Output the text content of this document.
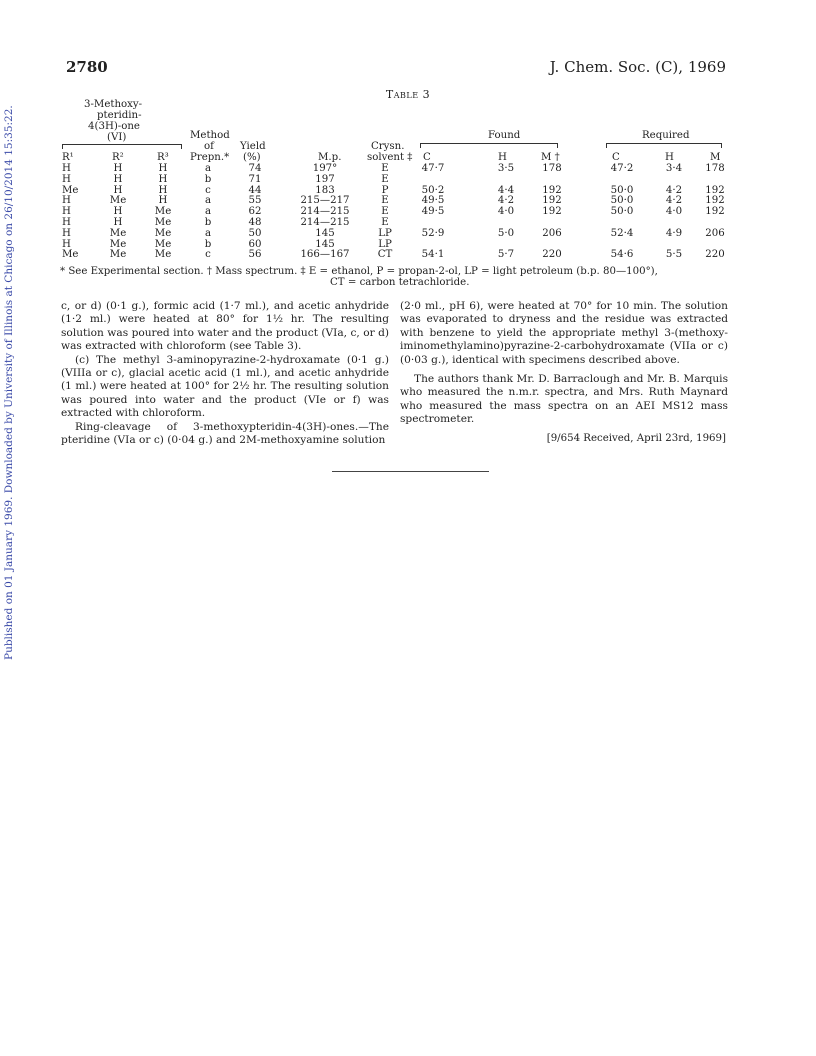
Published on 01 January 1969. Downloaded by University of Illinois at Chicago on 26/10/2014 15:35:22.
2780	J. Chem. Soc. (C), 1969
Table 3
3-Methoxy-
pteridin-
4(3H)-one
(VI)	Method
of
Prepn.*
Yield
(%)	M.p.
Crysn.
solvent ‡
Found	Required
R¹	R²	R³	C	H	M †	C	H	M
H	H	H	a	74	197°	E	47·7	3·5	178	47·2	3·4	178
H	H	H	b	71	197	E
Me	H	H	c	44	183	P	50·2	4·4	192	50·0	4·2	192
H	Me	H	a	55	215—217	E	49·5	4·2	192	50·0	4·2	192
H	H	Me	a	62	214—215	E	49·5	4·0	192	50·0	4·0	192
H	H	Me	b	48	214—215	E
H	Me	Me	a	50	145	LP	52·9	5·0	206	52·4	4·9	206
H	Me	Me	b	60	145	LP
Me	Me	Me	c	56	166—167	CT	54·1	5·7	220	54·6	5·5	220
* See Experimental section. † Mass spectrum. ‡ E = ethanol, P = propan-2-ol, LP = light petroleum (b.p. 80—100°),
CT = carbon tetrachloride.

c, or d) (0·1 g.), formic acid (1·7 ml.), and acetic anhydride (1·2 ml.) were heated at 80° for 1½ hr. The resulting solution was poured into water and the product (VIa, c, or d) was extracted with chloroform (see Table 3).

(c) The methyl 3-aminopyrazine-2-hydroxamate (0·1 g.) (VIIIa or c), glacial acetic acid (1 ml.), and acetic anhydride (1 ml.) were heated at 100° for 2½ hr. The resulting solution was poured into water and the product (VIe or f) was extracted with chloroform.

Ring-cleavage of 3-methoxypteridin-4(3H)-ones.—The pteridine (VIa or c) (0·04 g.) and 2M-methoxyamine solution

(2·0 ml., pH 6), were heated at 70° for 10 min. The solution was evaporated to dryness and the residue was extracted with benzene to yield the appropriate methyl 3-(methoxy-iminomethylamino)pyrazine-2-carbohydroxamate (VIIa or c) (0·03 g.), identical with specimens described above.

The authors thank Mr. D. Barraclough and Mr. B. Marquis who measured the n.m.r. spectra, and Mrs. Ruth Maynard who measured the mass spectra on an AEI MS12 mass spectrometer.

[9/654 Received, April 23rd, 1969]
